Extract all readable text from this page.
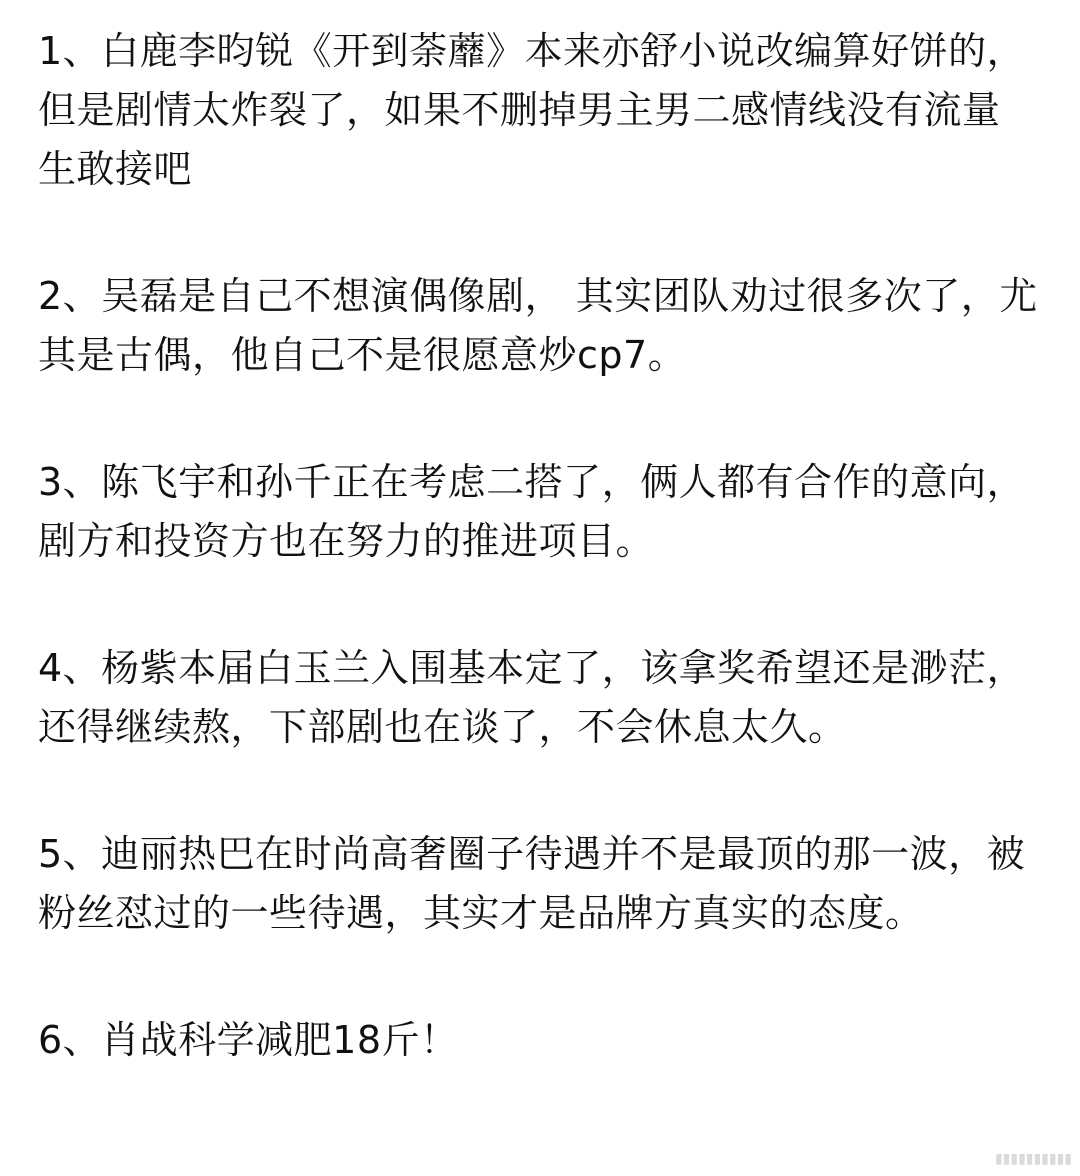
1、白鹿李昀锐《开到荼蘼》本来亦舒小说改编算好饼的，但是剧情太炸裂了，如果不删掉男主男二感情线没有流量生敢接吧

2、吴磊是自己不想演偶像剧， 其实团队劝过很多次了，尤其是古偶，他自己不是很愿意炒cp7。

3、陈飞宇和孙千正在考虑二搭了，俩人都有合作的意向，剧方和投资方也在努力的推进项目。

4、杨紫本届白玉兰入围基本定了，该拿奖希望还是渺茫，还得继续熬，下部剧也在谈了，不会休息太久。

5、迪丽热巴在时尚高奢圈子待遇并不是最顶的那一波，被粉丝怼过的一些待遇，其实才是品牌方真实的态度。

6、肖战科学减肥18斤！

▮▮▮▮▮▮▮▮▮▮
